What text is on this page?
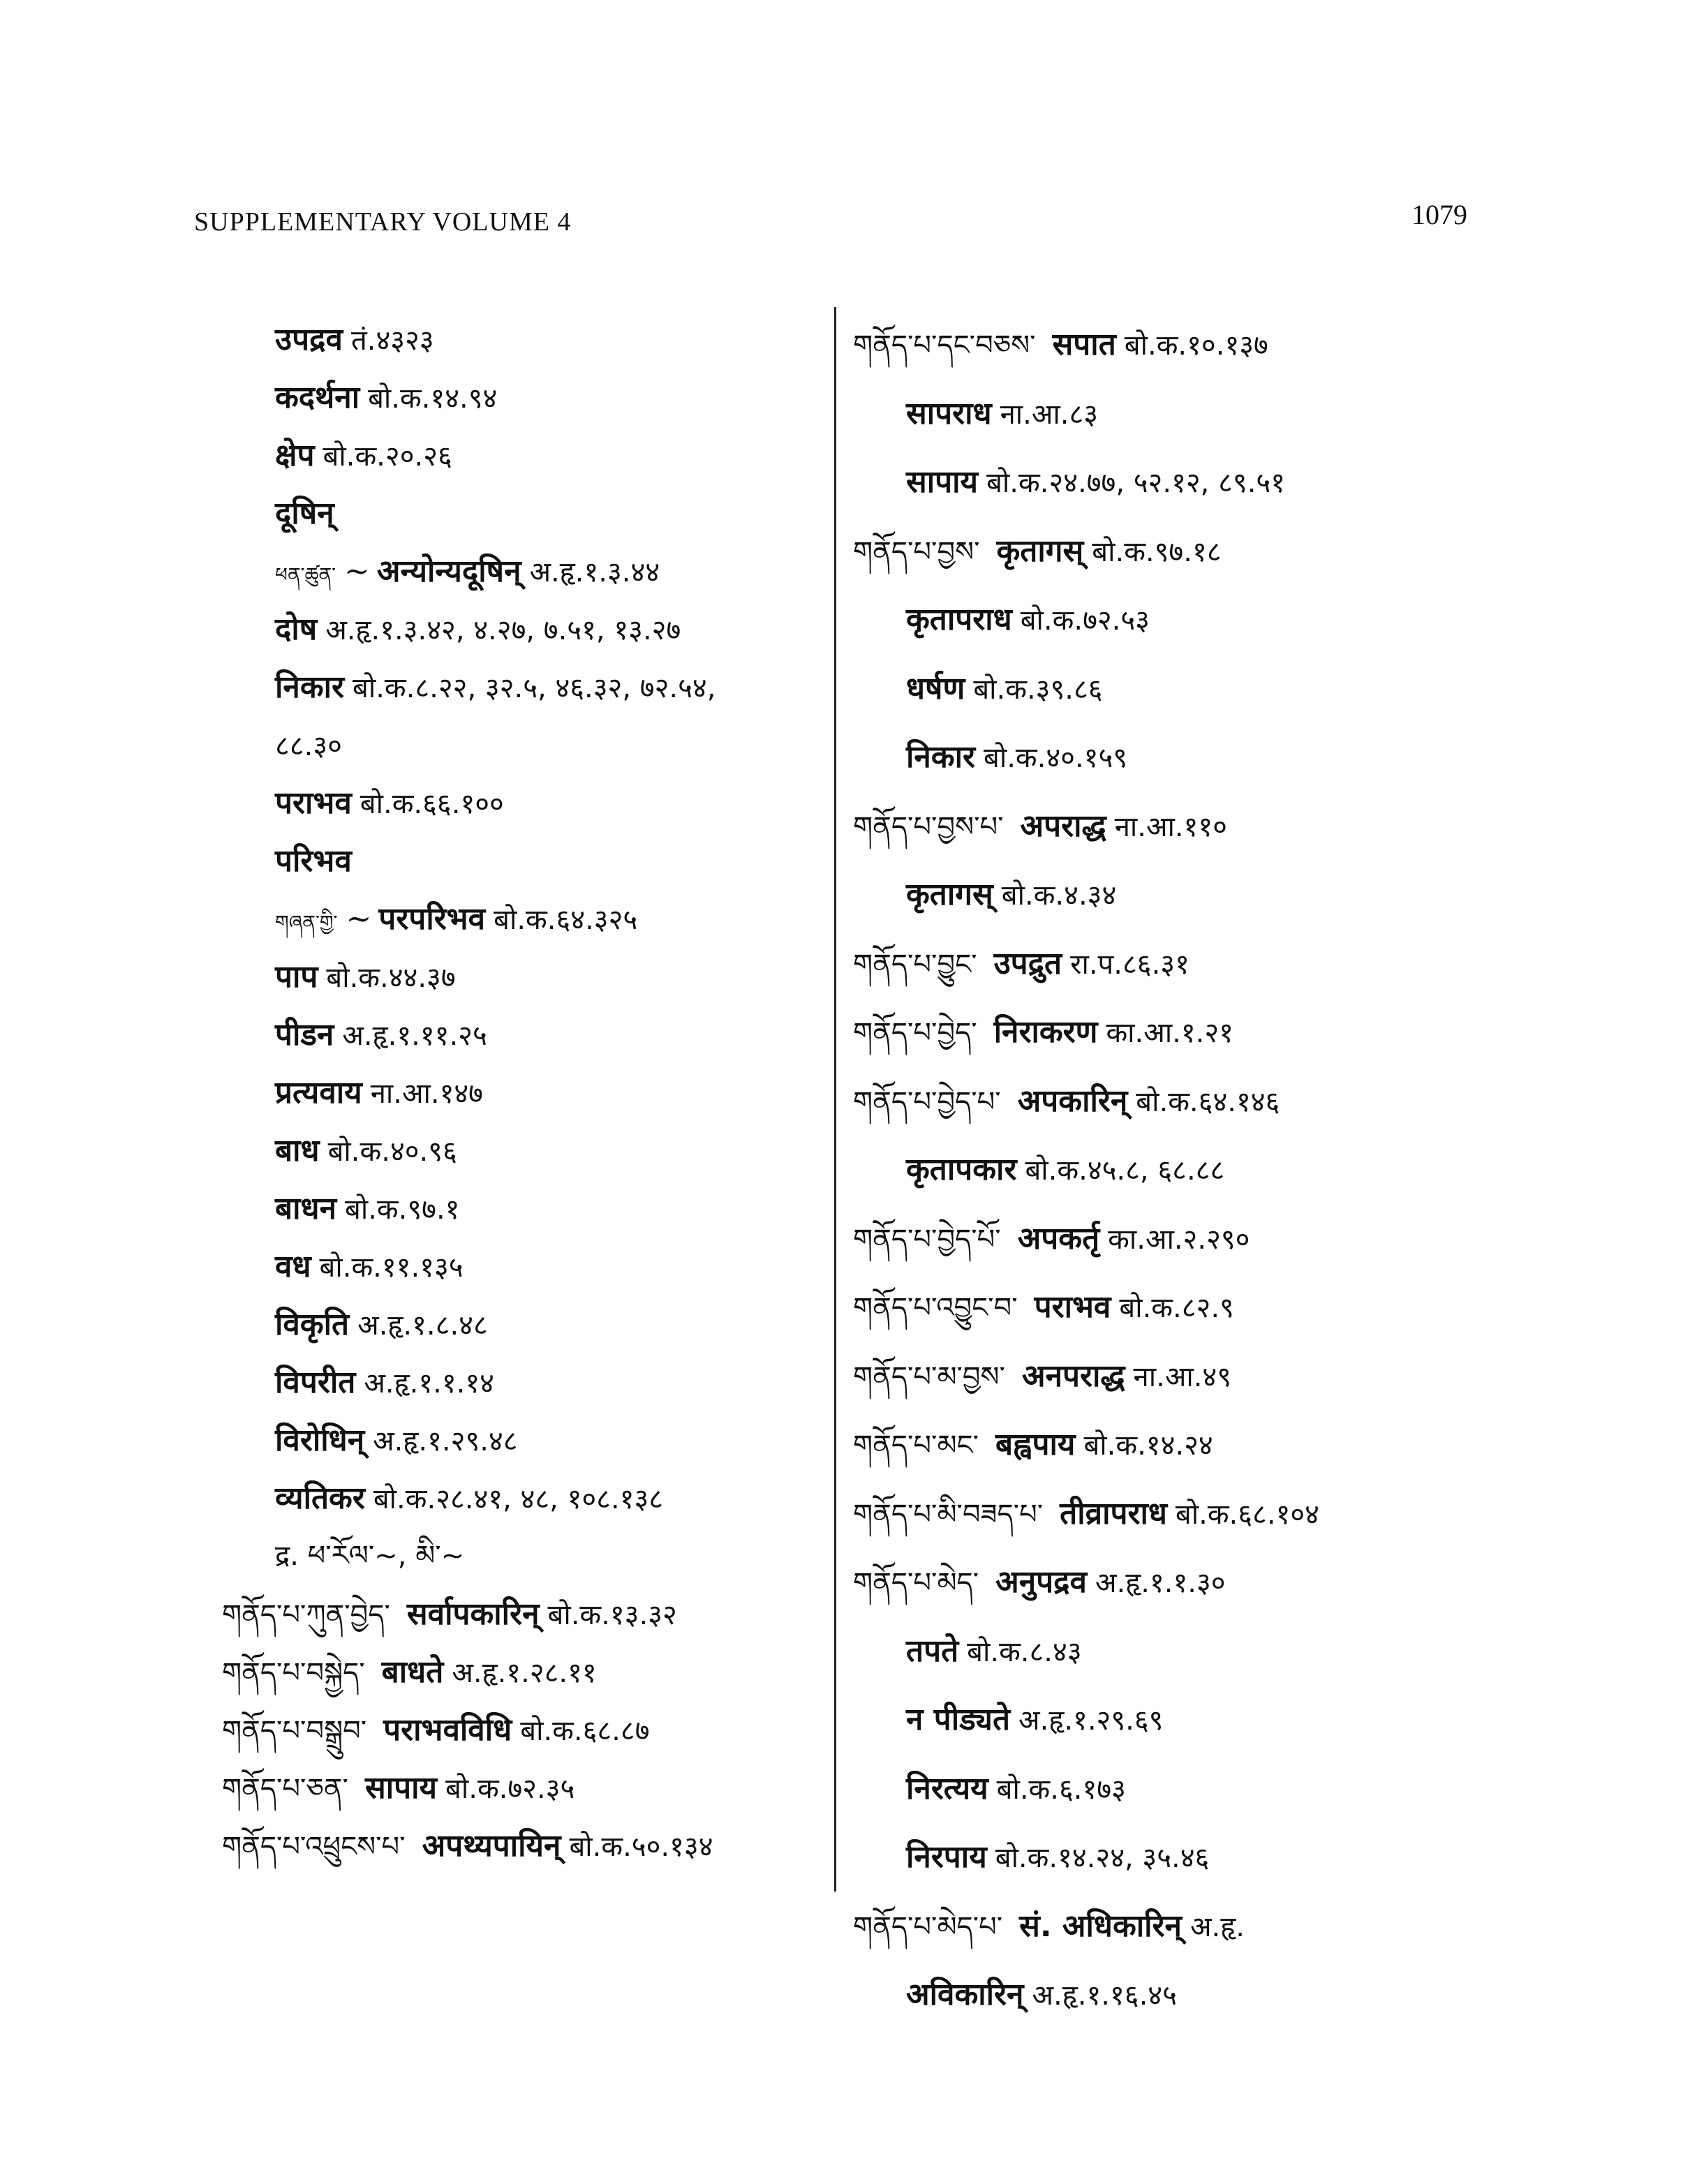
SUPPLEMENTARY VOLUME 4	1079
उपद्रव तं.४३२३
कदर्थना बो.क.१४.९४
क्षेप बो.क.२०.२६
दूषिन्
ཕན་ཚུན་ ~ अन्योन्यदूषिन् अ.हृ.१.३.४४
दोष अ.हृ.१.३.४२, ४.२७, ७.५१, १३.२७
निकार बो.क.८.२२, ३२.५, ४६.३२, ७२.५४,
८८.३०
पराभव बो.क.६६.१००
परिभव
གཞན་གྱི་ ~ परपरिभव बो.क.६४.३२५
पाप बो.क.४४.३७
पीडन अ.हृ.१.११.२५
प्रत्यवाय ना.आ.१४७
बाध बो.क.४०.९६
बाधन बो.क.९७.१
वध बो.क.११.१३५
विकृति अ.हृ.१.८.४८
विपरीत अ.हृ.१.१.१४
विरोधिन् अ.हृ.१.२९.४८
व्यतिकर बो.क.२८.४१, ४८, १०८.१३८
द्र. ཕ་རོལ་~, མི་~
གནོད་པ་ཀུན་བྱེད་ सर्वापकारिन् बो.क.१३.३२
གནོད་པ་བསྐྱེད་ बाधते अ.हृ.१.२८.११
གནོད་པ་བསྒྲུབ་ पराभवविधि बो.क.६८.८७
གནོད་པ་ཅན་ सापाय बो.क.७२.३५
གནོད་པ་འཕྲུངས་པ་ अपथ्यपायिन् बो.क.५०.१३४
གནོད་པ་དང་བཅས་ सपात बो.क.१०.१३७
सापराध ना.आ.८३
सापाय बो.क.२४.७७, ५२.१२, ८९.५१
གནོད་པ་བྱས་ कृतागस् बो.क.९७.१८
कृतापराध बो.क.७२.५३
धर्षण बो.क.३९.८६
निकार बो.क.४०.१५९
གནོད་པ་བྱས་པ་ अपराद्ध ना.आ.११०
कृतागस् बो.क.४.३४
གནོད་པ་བྱུང་ उपद्रुत रा.प.८६.३१
གནོད་པ་བྱེད་ निराकरण का.आ.१.२१
གནོད་པ་བྱེད་པ་ अपकारिन् बो.क.६४.१४६
कृतापकार बो.क.४५.८, ६८.८८
གནོད་པ་བྱེད་པོ་ अपकर्तृ का.आ.२.२९०
གནོད་པ་འབྱུང་བ་ पराभव बो.क.८२.९
གནོད་པ་མ་བྱས་ अनपराद्ध ना.आ.४९
གནོད་པ་མང་ बह्वपाय बो.क.१४.२४
གནོད་པ་མི་བཟད་པ་ तीव्रापराध बो.क.६८.१०४
གནོད་པ་མེད་ अनुपद्रव अ.हृ.१.१.३०
तपते बो.क.८.४३
न पीड्यते अ.हृ.१.२९.६९
निरत्यय बो.क.६.१७३
निरपाय बो.क.१४.२४, ३५.४६
གནོད་པ་མེད་པ་ सं. अधिकारिन् अ.हृ.
अविकारिन् अ.हृ.१.१६.४५
